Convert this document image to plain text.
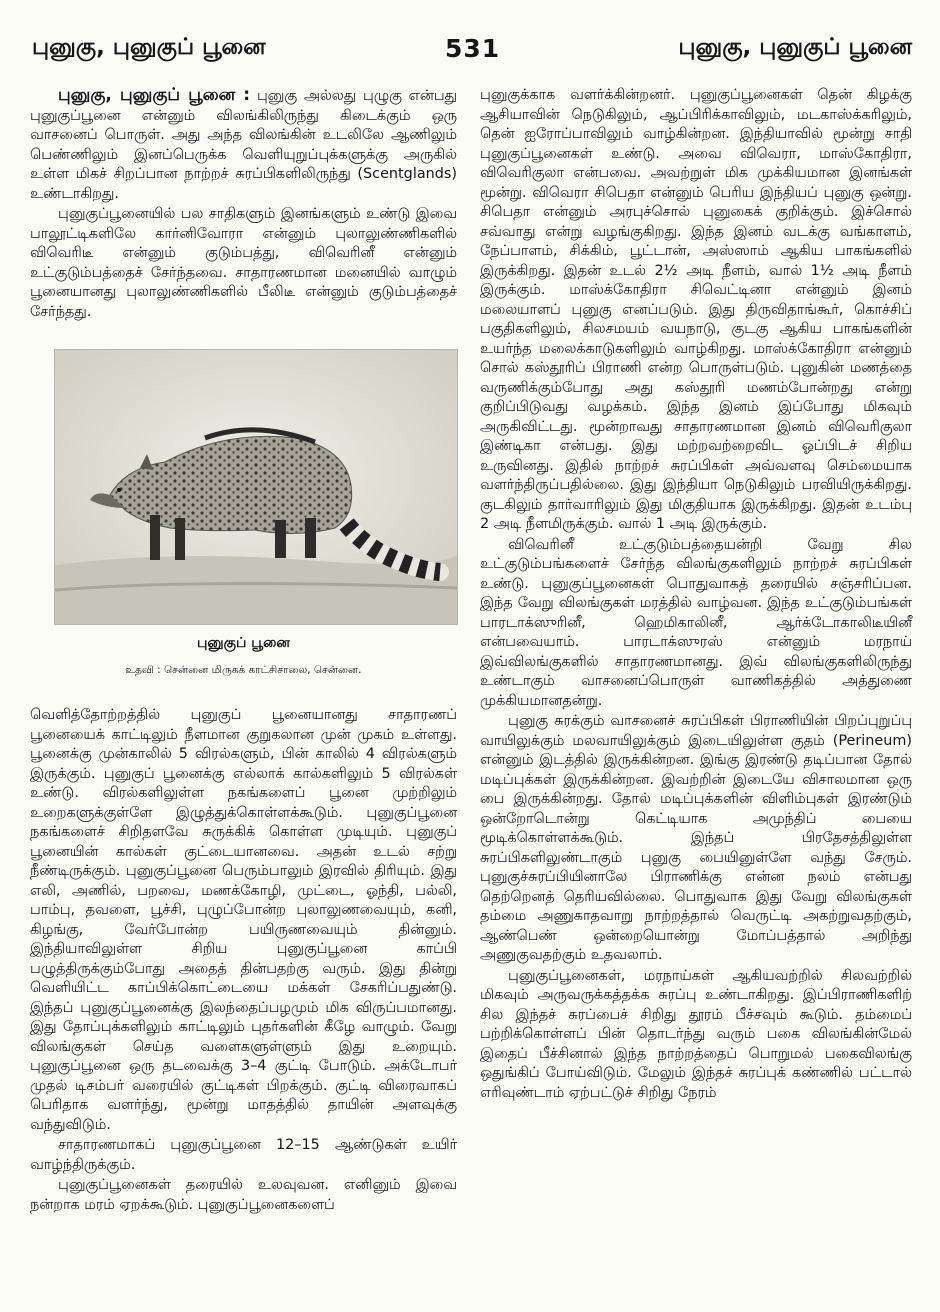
புனுகு, புனுகுப் பூனை	531	புனுகு, புனுகுப் பூனை

புனுகு, புனுகுப் பூனை : புனுகு அல்லது புழுகு என்பது புனுகுப்பூனை என்னும் விலங்கிலிருந்து கிடைக்கும் ஒரு வாசனைப் பொருள். அது அந்த விலங்கின் உடலிலே ஆணிலும் பெண்ணிலும் இனப்பெருக்க வெளியுறுப்புக்களுக்கு அருகில் உள்ள மிகச் சிறப்பான நாற்றச் சுரப்பிகளிலிருந்து (Scentglands) உண்டாகிறது.

புனுகுப்பூனையில் பல சாதிகளும் இனங்களும் உண்டு இவை பாலூட்டிகளிலே கார்னிவோரா என்னும் புலாலுண்ணிகளில் விவெரிடீ என்னும் குடும்பத்து, விவெரினீ என்னும் உட்குடும்பத்தைச் சேர்ந்தவை. சாதாரணமான மனையில் வாழும் பூனையானது புலாலுண்ணிகளில் பீலிடீ என்னும் குடும்பத்தைச் சேர்ந்தது.

புனுகுப் பூனை
உதவி : சென்னை மிருகக் காட்சிசாலை, சென்னை.

வெளித்தோற்றத்தில் புனுகுப் பூனையானது சாதாரணப் பூனையைக் காட்டிலும் நீளமான குறுகலான முன் முகம் உள்ளது. பூனைக்கு முன்காலில் 5 விரல்களும், பின் காலில் 4 விரல்களும் இருக்கும். புனுகுப் பூனைக்கு எல்லாக் கால்களிலும் 5 விரல்கள் உண்டு. விரல்களிலுள்ள நகங்களைப் பூனை முற்றிலும் உறைகளுக்குள்ளே இழுத்துக்கொள்ளக்கூடும். புனுகுப்பூனை நகங்களைச் சிறிதளவே சுருக்கிக் கொள்ள முடியும். புனுகுப் பூனையின் கால்கள் குட்டையானவை. அதன் உடல் சற்று நீண்டிருக்கும். புனுகுப்பூனை பெரும்பாலும் இரவில் திரியும். இது எலி, அணில், பறவை, மணக்கோழி, முட்டை, ஓந்தி, பல்லி, பாம்பு, தவளை, பூச்சி, புழுப்போன்ற புலாலுணவையும், கனி, கிழங்கு, வேர்போன்ற பயிருணவையும் தின்னும். இந்தியாவிலுள்ள சிறிய புனுகுப்பூனை காப்பி பழுத்திருக்கும்போது அதைத் தின்பதற்கு வரும். இது தின்று வெளியிட்ட காப்பிக்கொட்டையை மக்கள் சேகரிப்பதுண்டு. இந்தப் புனுகுப்பூனைக்கு இலந்தைப்பழமும் மிக விருப்பமானது. இது தோப்புக்களிலும் காட்டிலும் புதர்களின் கீழே வாழும். வேறு விலங்குகள் செய்த வளைகளுள்ளும் இது உறையும். புனுகுப்பூனை ஒரு தடவைக்கு 3–4 குட்டி போடும். அக்டோபர் முதல் டிசம்பர் வரையில் குட்டிகள் பிறக்கும். குட்டி விரைவாகப் பெரிதாக வளர்ந்து, மூன்று மாதத்தில் தாயின் அளவுக்கு வந்துவிடும்.

சாதாரணமாகப் புனுகுப்பூனை 12–15 ஆண்டுகள் உயிர் வாழ்ந்திருக்கும்.

புனுகுப்பூனைகள் தரையில் உலவுவன. எனினும் இவை நன்றாக மரம் ஏறக்கூடும். புனுகுப்பூனைகளைப்

புனுகுக்காக வளர்க்கின்றனர். புனுகுப்பூனைகள் தென் கிழக்கு ஆசியாவின் நெடுகிலும், ஆப்பிரிக்காவிலும், மடகாஸ்க்கரிலும், தென் ஐரோப்பாவிலும் வாழ்கின்றன. இந்தியாவில் மூன்று சாதி புனுகுப்பூனைகள் உண்டு. அவை விவெரா, மாஸ்கோதிரா, விவெரிகுலா என்பவை. அவற்றுள் மிக முக்கியமான இனங்கள் மூன்று. விவெரா சிபெதா என்னும் பெரிய இந்தியப் புனுகு ஒன்று. சிபெதா என்னும் அரபுச்சொல் புனுகைக் குறிக்கும். இச்சொல் சவ்வாது என்று வழங்குகிறது. இந்த இனம் வடக்கு வங்காளம், நேப்பாளம், சிக்கிம், பூட்டான், அஸ்ஸாம் ஆகிய பாகங்களில் இருக்கிறது. இதன் உடல் 2½ அடி நீளம், வால் 1½ அடி நீளம் இருக்கும். மாஸ்க்கோதிரா சிவெட்டினா என்னும் இனம் மலையாளப் புனுகு எனப்படும். இது திருவிதாங்கூர், கொச்சிப் பகுதிகளிலும், சிலசமயம் வயநாடு, குடகு ஆகிய பாகங்களின் உயர்ந்த மலைக்காடுகளிலும் வாழ்கிறது. மாஸ்க்கோதிரா என்னும் சொல் கஸ்தூரிப் பிராணி என்ற பொருள்படும். புனுகின் மணத்தை வருணிக்கும்போது அது கஸ்தூரி மணம்போன்றது என்று குறிப்பிடுவது வழக்கம். இந்த இனம் இப்போது மிகவும் அருகிவிட்டது. மூன்றாவது சாதாரணமான இனம் விவெரிகுலா இண்டிகா என்பது. இது மற்றவற்றைவிட ஓப்பிடச் சிறிய உருவினது. இதில் நாற்றச் சுரப்பிகள் அவ்வளவு செம்மையாக வளர்ந்திருப்பதில்லை. இது இந்தியா நெடுகிலும் பரவியிருக்கிறது. குடகிலும் தார்வாரிலும் இது மிகுதியாக இருக்கிறது. இதன் உடம்பு 2 அடி நீளமிருக்கும். வால் 1 அடி இருக்கும்.

விவெரினீ உட்குடும்பத்தையன்றி வேறு சில உட்குடும்பங்களைச் சேர்ந்த விலங்குகளிலும் நாற்றச் சுரப்பிகள் உண்டு. புனுகுப்பூனைகள் பொதுவாகத் தரையில் சஞ்சரிப்பன. இந்த வேறு விலங்குகள் மரத்தில் வாழ்வன. இந்த உட்குடும்பங்கள் பாரடாக்ஸுரினீ, ஹெமிகாலினீ, ஆர்க்டோகாலிடீயினீ என்பவையாம். பாரடாக்ஸுரஸ் என்னும் மரநாய் இவ்விலங்குகளில் சாதாரணமானது. இவ் விலங்குகளிலிருந்து உண்டாகும் வாசனைப்பொருள் வாணிகத்தில் அத்துணை முக்கியமானதன்று.

புனுகு சுரக்கும் வாசனைச் சுரப்பிகள் பிராணியின் பிறப்புறுப்பு வாயிலுக்கும் மலவாயிலுக்கும் இடையிலுள்ள குதம் (Perineum) என்னும் இடத்தில் இருக்கின்றன. இங்கு இரண்டு தடிப்பான தோல் மடிப்புக்கள் இருக்கின்றன. இவற்றின் இடையே விசாலமான ஒரு பை இருக்கின்றது. தோல் மடிப்புக்களின் விளிம்புகள் இரண்டும் ஒன்றோடொன்று கெட்டியாக அமுந்திப் பையை மூடிக்கொள்ளக்கூடும். இந்தப் பிரதேசத்திலுள்ள சுரப்பிகளிலுண்டாகும் புனுகு பையினுள்ளே வந்து சேரும். புனுகுச்சுரப்பியினாலே பிராணிக்கு என்ன நலம் என்பது தெற்றெனத் தெரியவில்லை. பொதுவாக இது வேறு விலங்குகள் தம்மை அணுகாதவாறு நாற்றத்தால் வெருட்டி அகற்றுவதற்கும், ஆண்பெண் ஒன்றையொன்று மோப்பத்தால் அறிந்து அணுகுவதற்கும் உதவலாம்.

புனுகுப்பூனைகள், மரநாய்கள் ஆகியவற்றில் சிலவற்றில் மிகவும் அருவருக்கத்தக்க சுரப்பு உண்டாகிறது. இப்பிராணிகளிற் சில இந்தச் சுரப்பைச் சிறிது தூரம் பீச்சவும் கூடும். தம்மைப் பற்றிக்கொள்ளப் பின் தொடர்ந்து வரும் பகை விலங்கின்மேல் இதைப் பீச்சினால் இந்த நாற்றத்தைப் பொறுமல் பகைவிலங்கு ஒதுங்கிப் போய்விடும். மேலும் இந்தச் சுரப்புக் கண்ணில் பட்டால் எரிவுண்டாம் ஏற்பட்டுச் சிறிது நேரம்
